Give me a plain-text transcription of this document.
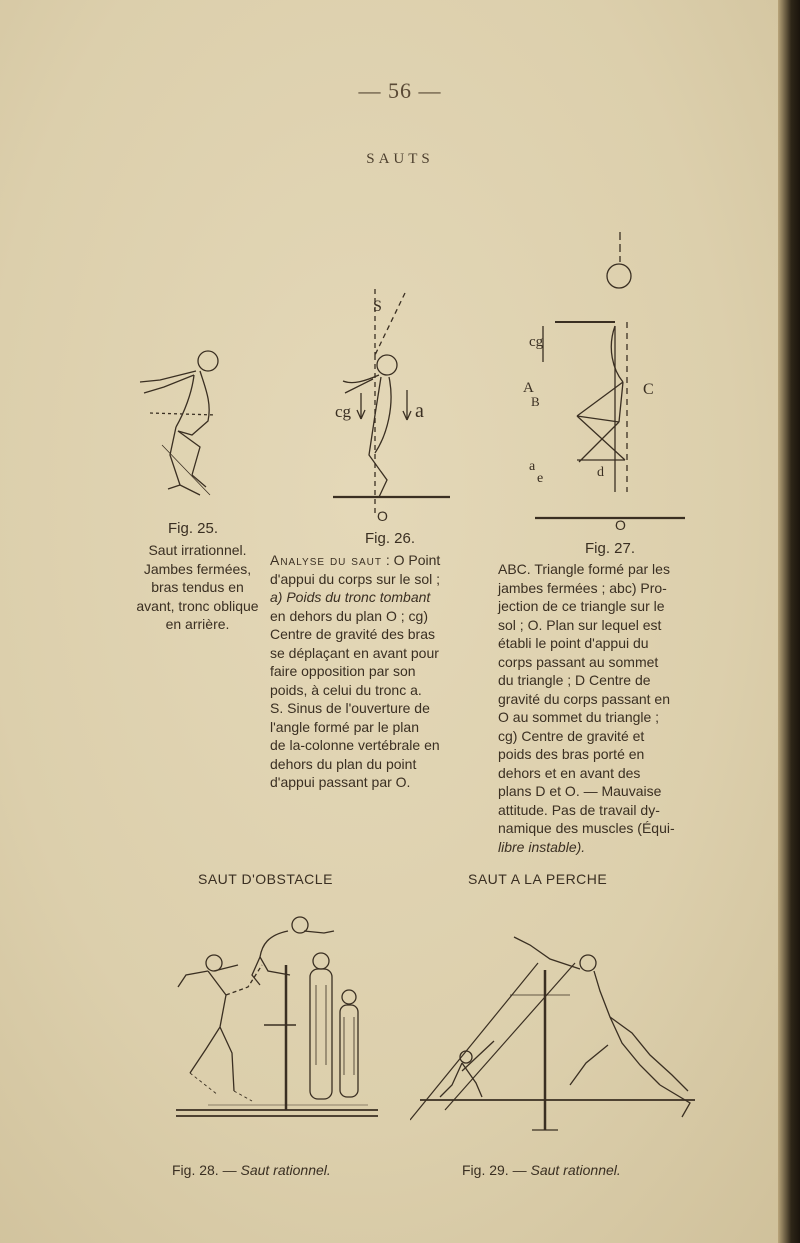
— 56 —
SAUTS
Fig. 25.

Saut irrationnel.

Jambes fermées,

bras tendus en

avant, tronc oblique

en arrière.

S
cg	a
O
Fig. 26.

Analyse du saut : O Point

d'appui du corps sur le sol ;

a) Poids du tronc tombant

en dehors du plan O ; cg)

Centre de gravité des bras

se déplaçant en avant pour

faire opposition par son

poids, à celui du tronc a.

S. Sinus de l'ouverture de

l'angle formé par le plan

de la-colonne vertébrale en

dehors du plan du point

d'appui passant par O.

cg
A
B
C
a
e	d
O
Fig. 27.

ABC. Triangle formé par les

jambes fermées ; abc) Pro-

jection de ce triangle sur le

sol ; O. Plan sur lequel est

établi le point d'appui du

corps passant au sommet

du triangle ; D Centre de

gravité du corps passant en

O au sommet du triangle ;

cg) Centre de gravité et

poids des bras porté en

dehors et en avant des

plans D et O. — Mauvaise

attitude. Pas de travail dy-

namique des muscles (Équi-

libre instable).

SAUT D'OBSTACLE	SAUT A LA PERCHE
Fig. 28. — Saut rationnel.	Fig. 29. — Saut rationnel.
